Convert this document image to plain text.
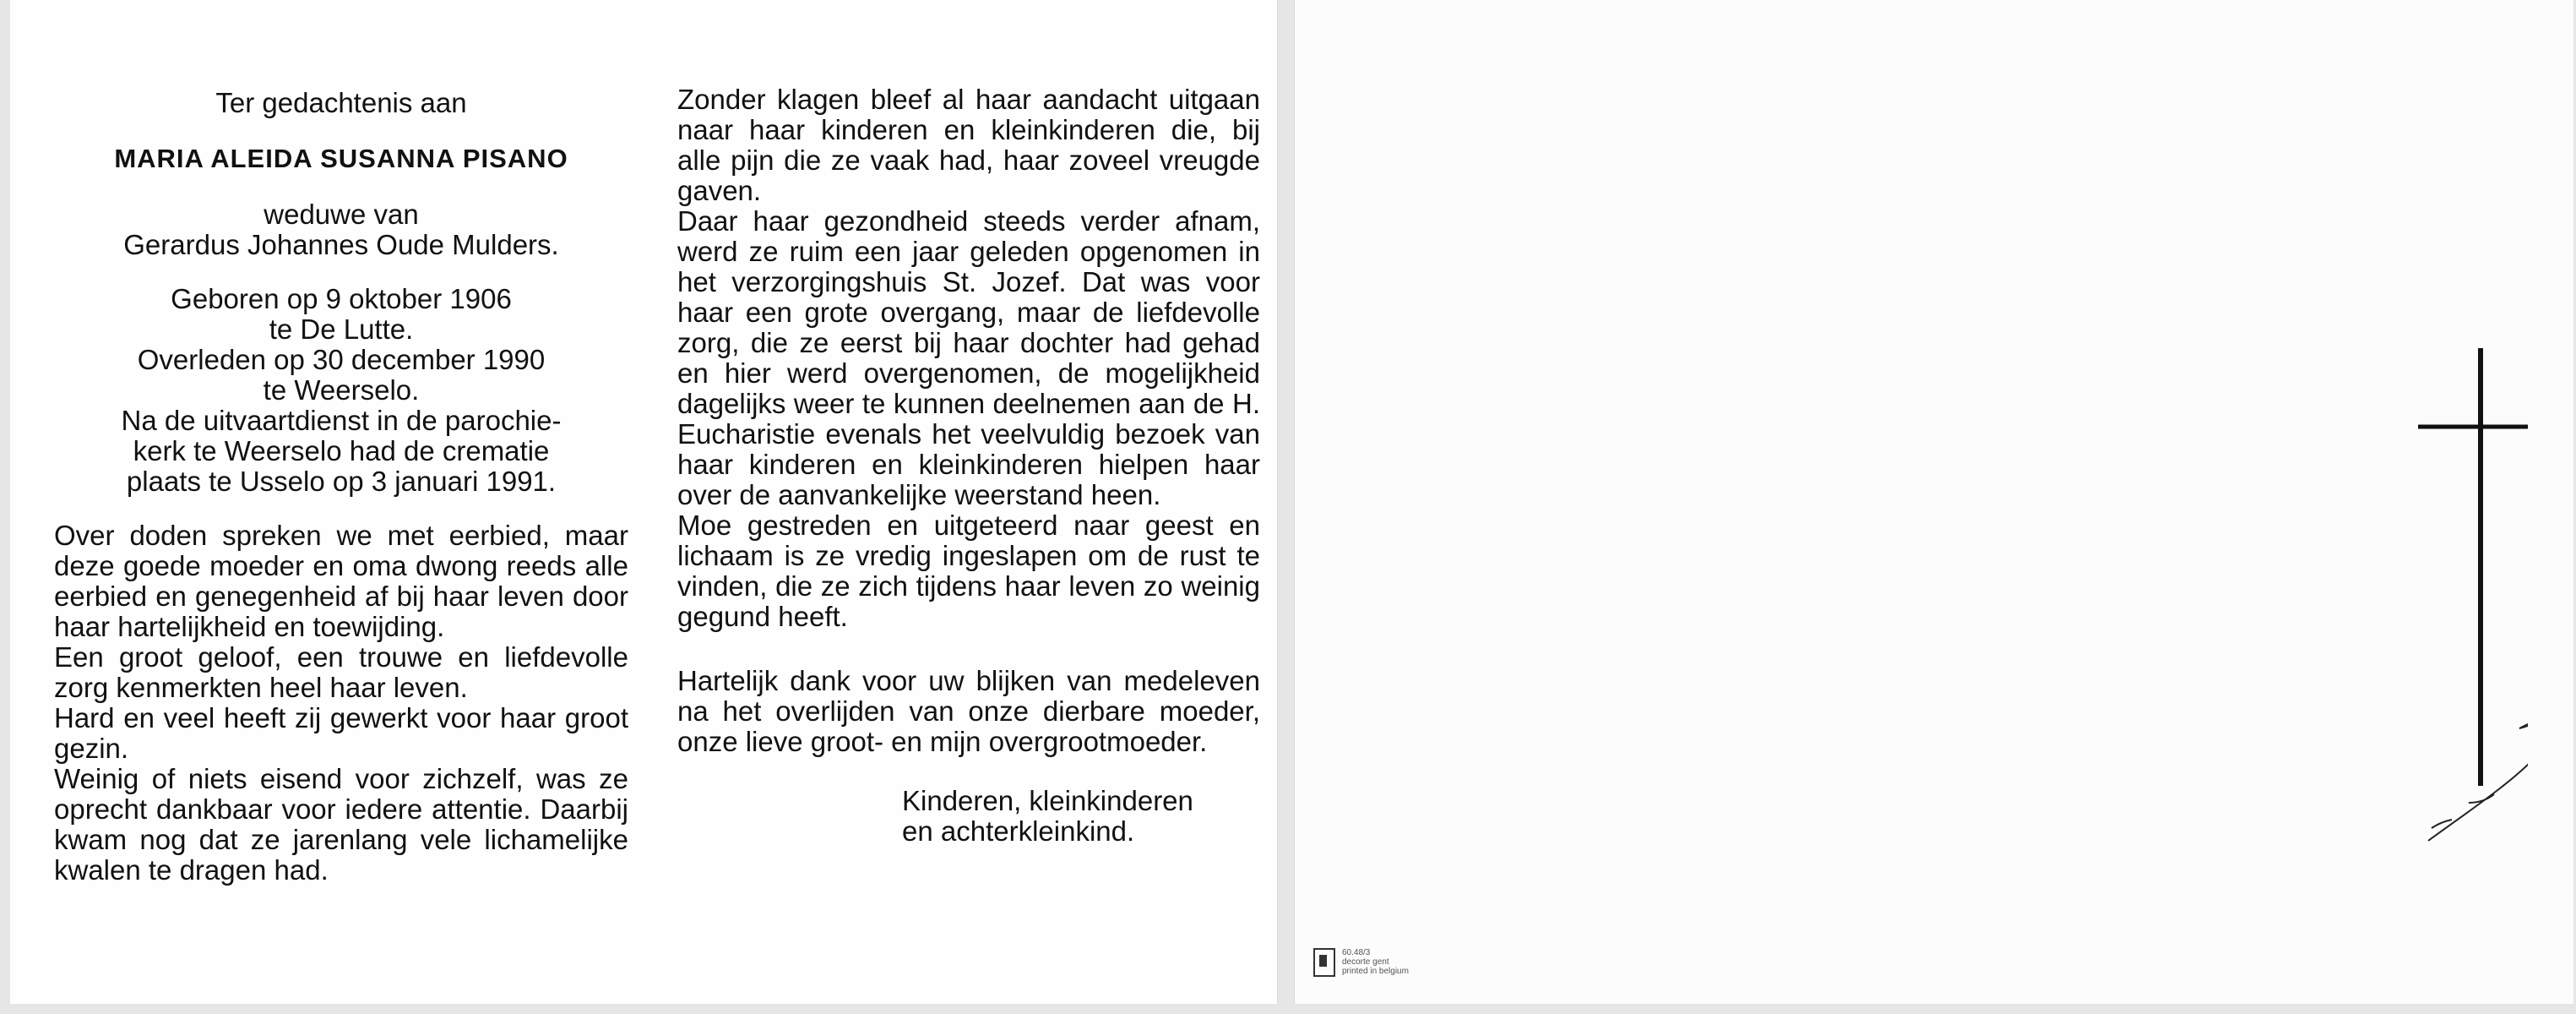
Ter gedachtenis aan
MARIA ALEIDA SUSANNA PISANO
weduwe van
Gerardus Johannes Oude Mulders.
Geboren op 9 oktober 1906
te De Lutte.
Overleden op 30 december 1990
te Weerselo.
Na de uitvaartdienst in de parochie-
kerk te Weerselo had de crematie
plaats te Usselo op 3 januari 1991.

Over doden spreken we met eerbied, maar deze goede moeder en oma dwong reeds alle eerbied en genegenheid af bij haar leven door haar hartelijkheid en toewijding.

Een groot geloof, een trouwe en liefdevolle zorg kenmerkten heel haar leven.

Hard en veel heeft zij gewerkt voor haar groot gezin.

Weinig of niets eisend voor zichzelf, was ze oprecht dankbaar voor iedere attentie. Daarbij kwam nog dat ze jarenlang vele lichamelijke kwalen te dragen had.

Zonder klagen bleef al haar aandacht uitgaan naar haar kinderen en kleinkinderen die, bij alle pijn die ze vaak had, haar zoveel vreugde gaven.

Daar haar gezondheid steeds verder afnam, werd ze ruim een jaar geleden opgenomen in het verzorgingshuis St. Jozef. Dat was voor haar een grote overgang, maar de liefdevolle zorg, die ze eerst bij haar dochter had gehad en hier werd overgenomen, de mogelijkheid dagelijks weer te kunnen deelnemen aan de H. Eucharistie evenals het veelvuldig bezoek van haar kinderen en kleinkinderen hielpen haar over de aanvankelijke weerstand heen.

Moe gestreden en uitgeteerd naar geest en lichaam is ze vredig ingeslapen om de rust te vinden, die ze zich tijdens haar leven zo weinig gegund heeft.

Hartelijk dank voor uw blijken van medeleven na het overlijden van onze dierbare moeder, onze lieve groot- en mijn overgrootmoeder.

Kinderen, kleinkinderen
en achterkleinkind.
60.48/3
decorte gent
printed in belgium
